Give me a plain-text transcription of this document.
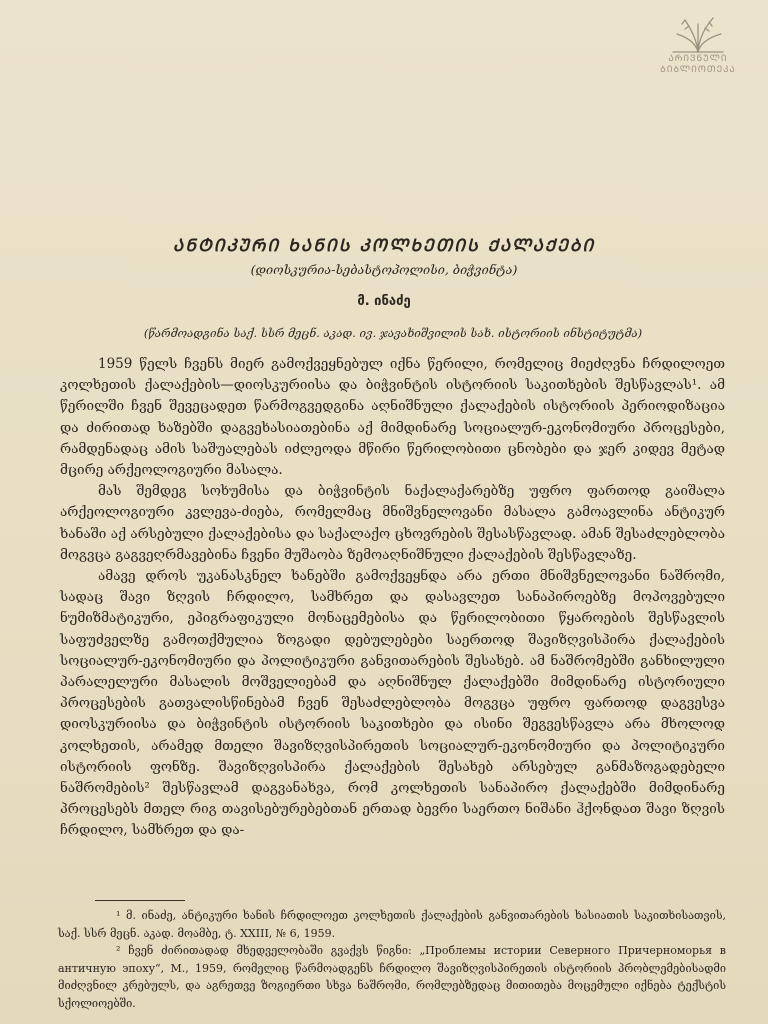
ᲐᲠᲘᲕᲜᲣᲚᲘ
ᲑᲘᲑᲚᲘᲝᲗᲔᲙᲐ
ᲐᲜᲢᲘᲙᲣᲠᲘ ᲮᲐᲜᲘᲡ ᲙᲝᲚᲮᲔᲗᲘᲡ ᲥᲐᲚᲐᲥᲔᲑᲘ
(დიოსკურია-სებასტოპოლისი, ბიჭვინტა)
მ. ინაძე
(წარმოადგინა საქ. სსრ მეცნ. აკად. ივ. ჯავახიშვილის სახ. ისტორიის ინსტიტუტმა)

1959 წელს ჩვენს მიერ გამოქვეყნებულ იქნა წერილი, რომელიც მიეძღვნა ჩრდილოეთ კოლხეთის ქალაქების—დიოსკურიისა და ბიჭვინტის ისტორიის საკითხების შესწავლას¹. ამ წერილში ჩვენ შევეცადეთ წარმოგვედგინა აღნიშნული ქალაქების ისტორიის პერიოდიზაცია და ძირითად ხაზებში დაგვეხასიათებინა აქ მიმდინარე სოციალურ-ეკონომიური პროცესები, რამდენადაც ამის საშუალებას იძლეოდა მწირი წერილობითი ცნობები და ჯერ კიდევ მეტად მცირე არქეოლოგიური მასალა.

მას შემდეგ სოხუმისა და ბიჭვინტის ნაქალაქარებზე უფრო ფართოდ გაიშალა არქეოლოგიური კვლევა-ძიება, რომელმაც მნიშვნელოვანი მასალა გამოავლინა ანტიკურ ხანაში აქ არსებული ქალაქებისა და საქალაქო ცხოვრების შესასწავლად. ამან შესაძლებლობა მოგვცა გაგვეღრმავებინა ჩვენი მუშაობა ზემოაღნიშნული ქალაქების შესწავლაზე.

ამავე დროს უკანასკნელ ხანებში გამოქვეყნდა არა ერთი მნიშვნელოვანი ნაშრომი, სადაც შავი ზღვის ჩრდილო, სამხრეთ და დასავლეთ სანაპიროებზე მოპოვებული ნუმიზმატიკური, ეპიგრაფიკული მონაცემებისა და წერილობითი წყაროების შესწავლის საფუძველზე გამოთქმულია ზოგადი დებულებები საერთოდ შავიზღვისპირა ქალაქების სოციალურ-ეკონომიური და პოლიტიკური განვითარების შესახებ. ამ ნაშრომებში განხილული პარალელური მასალის მოშველიებამ და აღნიშნულ ქალაქებში მიმდინარე ისტორიული პროცესების გათვალისწინებამ ჩვენ შესაძლებლობა მოგვცა უფრო ფართოდ დაგვესვა დიოსკურიისა და ბიჭვინტის ისტორიის საკითხები და ისინი შეგვესწავლა არა მხოლოდ კოლხეთის, არამედ მთელი შავიზღვისპირეთის სოციალურ-ეკონომიური და პოლიტიკური ისტორიის ფონზე. შავიზღვისპირა ქალაქების შესახებ არსებულ განმაზოგადებელი ნაშრომების² შესწავლამ დაგვანახვა, რომ კოლხეთის სანაპირო ქალაქებში მიმდინარე პროცესებს მთელ რიგ თავისებურებებთან ერთად ბევრი საერთო ნიშანი ჰქონდათ შავი ზღვის ჩრდილო, სამხრეთ და და-

¹ მ. ინაძე, ანტიკური ხანის ჩრდილოეთ კოლხეთის ქალაქების განვითარების ხასიათის საკითხისათვის, საქ. სსრ მეცნ. აკად. მოამბე, ტ. XXIII, № 6, 1959.

² ჩვენ ძირითადად მხედველობაში გვაქვს წიგნი: „Проблемы истории Северного Причерноморья в античную эпоху“, М., 1959, რომელიც წარმოადგენს ჩრდილო შავიზღვისპირეთის ისტორიის პრობლემებისადმი მიძღვნილ კრებულს, და აგრეთვე ზოგიერთი სხვა ნაშრომი, რომლებზედაც მითითება მოცემული იქნება ტექსტის სქოლიოებში.
